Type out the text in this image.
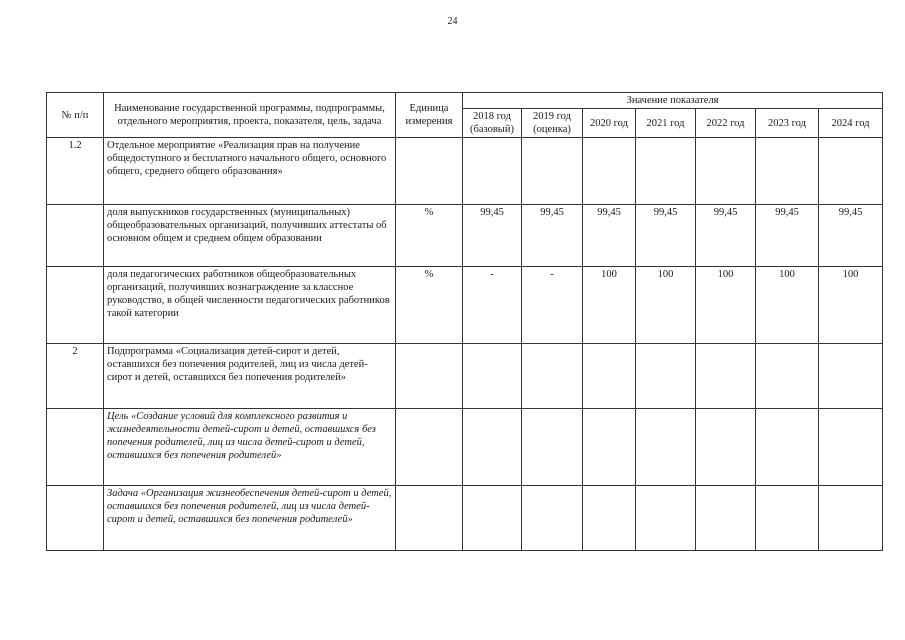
24
№ п/п	Наименование государственной программы, подпрограммы, отдельного мероприятия, проекта, показателя, цель, задача	Единица измерения	Значение показателя						
			2018 год (базовый)	2019 год (оценка)	2020 год	2021 год	2022 год	2023 год	2024 год
1.2	Отдельное мероприятие «Реализация прав на получение общедоступного и бесплатного начального общего, основного общего, среднего общего образования»								
	доля выпускников государственных (муниципальных) общеобразовательных организаций, получивших аттестаты об основном общем и среднем общем образовании	%	99,45	99,45	99,45	99,45	99,45	99,45	99,45
	доля педагогических работников общеобразовательных организаций, получивших вознаграждение за классное руководство, в общей численности педагогических работников такой категории	%	-	-	100	100	100	100	100
2	Подпрограмма «Социализация детей-сирот и детей, оставшихся без попечения родителей, лиц из числа детей-сирот и детей, оставшихся без попечения родителей»								
	Цель «Создание условий для комплексного развития и жизнедеятельности детей-сирот и детей, оставшихся без попечения родителей, лиц из числа детей-сирот и детей, оставшихся без попечения родителей»								
	Задача «Организация жизнеобеспечения детей-сирот и детей, оставшихся без попечения родителей, лиц из числа детей-сирот и детей, оставшихся без попечения родителей»								
